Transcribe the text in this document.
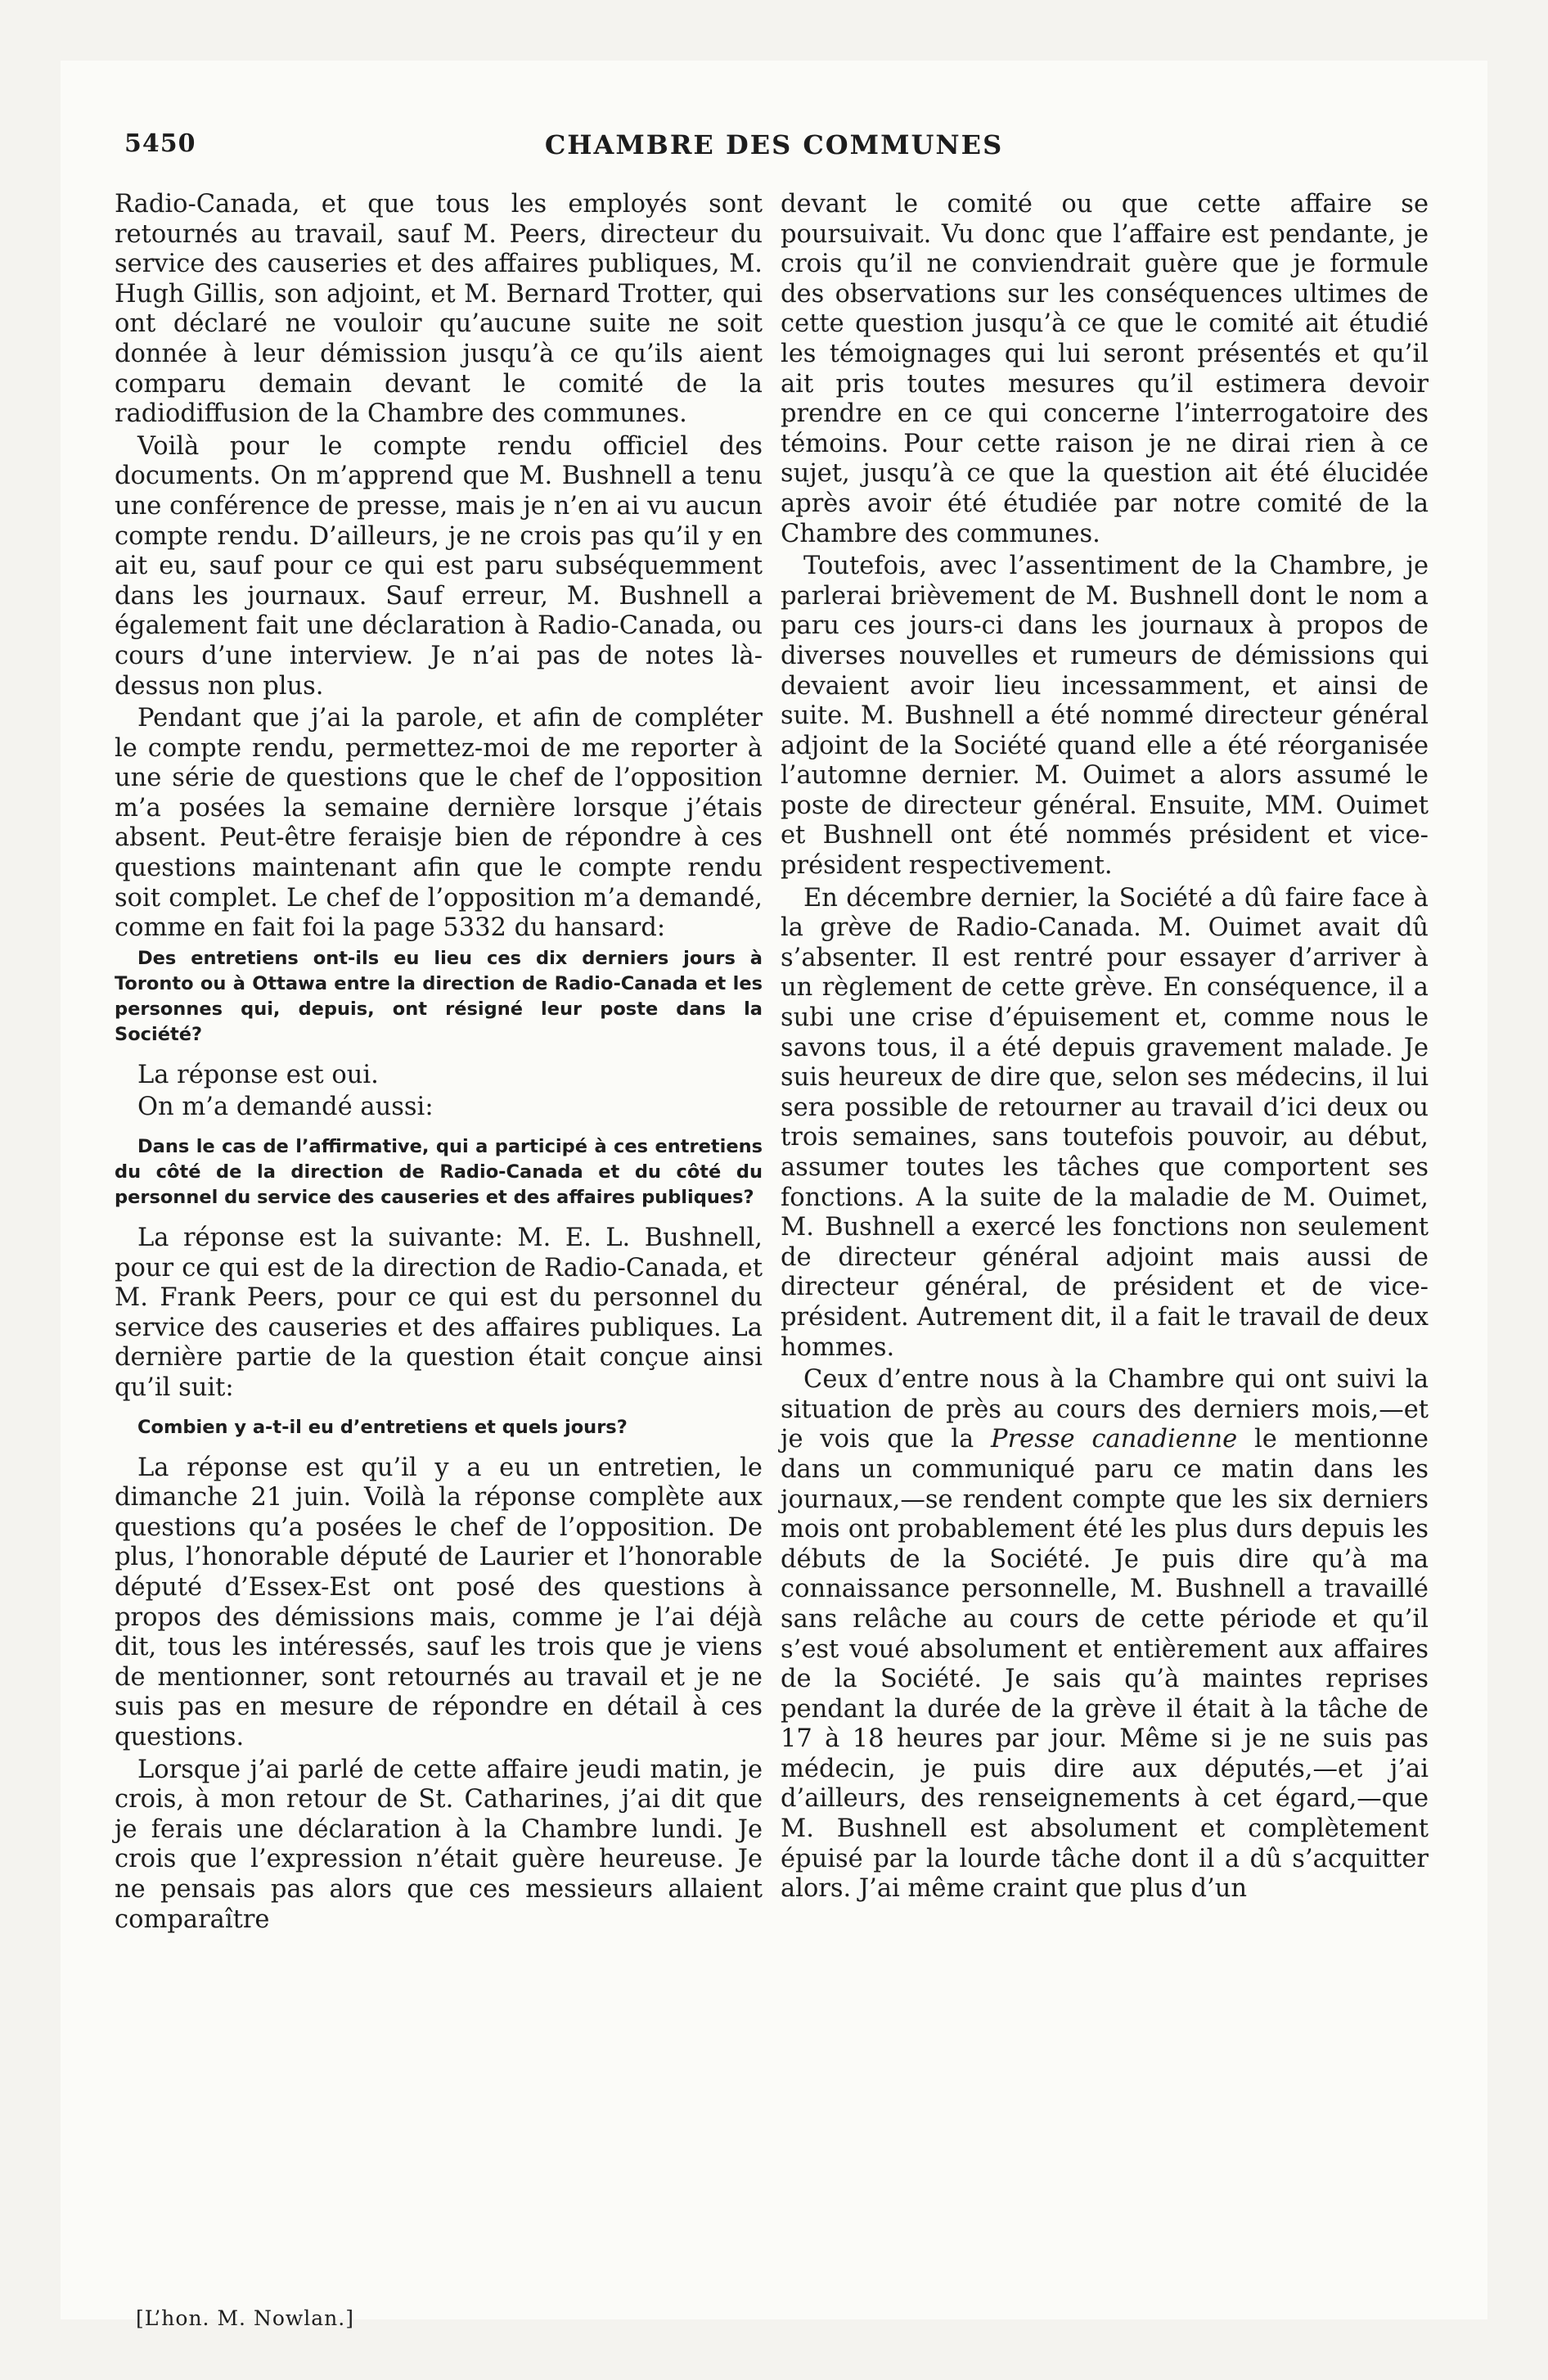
5450	CHAMBRE DES COMMUNES

Radio-Canada, et que tous les employés sont retournés au travail, sauf M. Peers, directeur du service des causeries et des affaires publiques, M. Hugh Gillis, son adjoint, et M. Bernard Trotter, qui ont déclaré ne vouloir qu’aucune suite ne soit donnée à leur démission jusqu’à ce qu’ils aient comparu demain devant le comité de la radiodiffusion de la Chambre des communes.

Voilà pour le compte rendu officiel des documents. On m’apprend que M. Bushnell a tenu une conférence de presse, mais je n’en ai vu aucun compte rendu. D’ailleurs, je ne crois pas qu’il y en ait eu, sauf pour ce qui est paru subséquemment dans les journaux. Sauf erreur, M. Bushnell a également fait une déclaration à Radio-Canada, ou cours d’une interview. Je n’ai pas de notes là-dessus non plus.

Pendant que j’ai la parole, et afin de compléter le compte rendu, permettez-moi de me reporter à une série de questions que le chef de l’opposition m’a posées la semaine dernière lorsque j’étais absent. Peut-être feraisje bien de répondre à ces questions maintenant afin que le compte rendu soit complet. Le chef de l’opposition m’a demandé, comme en fait foi la page 5332 du hansard:

Des entretiens ont-ils eu lieu ces dix derniers jours à Toronto ou à Ottawa entre la direction de Radio-Canada et les personnes qui, depuis, ont résigné leur poste dans la Société?

La réponse est oui.

On m’a demandé aussi:

Dans le cas de l’affirmative, qui a participé à ces entretiens du côté de la direction de Radio-Canada et du côté du personnel du service des causeries et des affaires publiques?

La réponse est la suivante: M. E. L. Bushnell, pour ce qui est de la direction de Radio-Canada, et M. Frank Peers, pour ce qui est du personnel du service des causeries et des affaires publiques. La dernière partie de la question était conçue ainsi qu’il suit:

Combien y a-t-il eu d’entretiens et quels jours?

La réponse est qu’il y a eu un entretien, le dimanche 21 juin. Voilà la réponse complète aux questions qu’a posées le chef de l’opposition. De plus, l’honorable député de Laurier et l’honorable député d’Essex-Est ont posé des questions à propos des démissions mais, comme je l’ai déjà dit, tous les intéressés, sauf les trois que je viens de mentionner, sont retournés au travail et je ne suis pas en mesure de répondre en détail à ces questions.

Lorsque j’ai parlé de cette affaire jeudi matin, je crois, à mon retour de St. Catharines, j’ai dit que je ferais une déclaration à la Chambre lundi. Je crois que l’expression n’était guère heureuse. Je ne pensais pas alors que ces messieurs allaient comparaître

devant le comité ou que cette affaire se poursuivait. Vu donc que l’affaire est pendante, je crois qu’il ne conviendrait guère que je formule des observations sur les conséquences ultimes de cette question jusqu’à ce que le comité ait étudié les témoignages qui lui seront présentés et qu’il ait pris toutes mesures qu’il estimera devoir prendre en ce qui concerne l’interrogatoire des témoins. Pour cette raison je ne dirai rien à ce sujet, jusqu’à ce que la question ait été élucidée après avoir été étudiée par notre comité de la Chambre des communes.

Toutefois, avec l’assentiment de la Chambre, je parlerai brièvement de M. Bushnell dont le nom a paru ces jours-ci dans les journaux à propos de diverses nouvelles et rumeurs de démissions qui devaient avoir lieu incessamment, et ainsi de suite. M. Bushnell a été nommé directeur général adjoint de la Société quand elle a été réorganisée l’automne dernier. M. Ouimet a alors assumé le poste de directeur général. Ensuite, MM. Ouimet et Bushnell ont été nommés président et vice-président respectivement.

En décembre dernier, la Société a dû faire face à la grève de Radio-Canada. M. Ouimet avait dû s’absenter. Il est rentré pour essayer d’arriver à un règlement de cette grève. En conséquence, il a subi une crise d’épuisement et, comme nous le savons tous, il a été depuis gravement malade. Je suis heureux de dire que, selon ses médecins, il lui sera possible de retourner au travail d’ici deux ou trois semaines, sans toutefois pouvoir, au début, assumer toutes les tâches que comportent ses fonctions. A la suite de la maladie de M. Ouimet, M. Bushnell a exercé les fonctions non seulement de directeur général adjoint mais aussi de directeur général, de président et de vice-président. Autrement dit, il a fait le travail de deux hommes.

Ceux d’entre nous à la Chambre qui ont suivi la situation de près au cours des derniers mois,—et je vois que la Presse canadienne le mentionne dans un communiqué paru ce matin dans les journaux,—se rendent compte que les six derniers mois ont probablement été les plus durs depuis les débuts de la Société. Je puis dire qu’à ma connaissance personnelle, M. Bushnell a travaillé sans relâche au cours de cette période et qu’il s’est voué absolument et entièrement aux affaires de la Société. Je sais qu’à maintes reprises pendant la durée de la grève il était à la tâche de 17 à 18 heures par jour. Même si je ne suis pas médecin, je puis dire aux députés,—et j’ai d’ailleurs, des renseignements à cet égard,—que M. Bushnell est absolument et complètement épuisé par la lourde tâche dont il a dû s’acquitter alors. J’ai même craint que plus d’un

[L’hon. M. Nowlan.]
